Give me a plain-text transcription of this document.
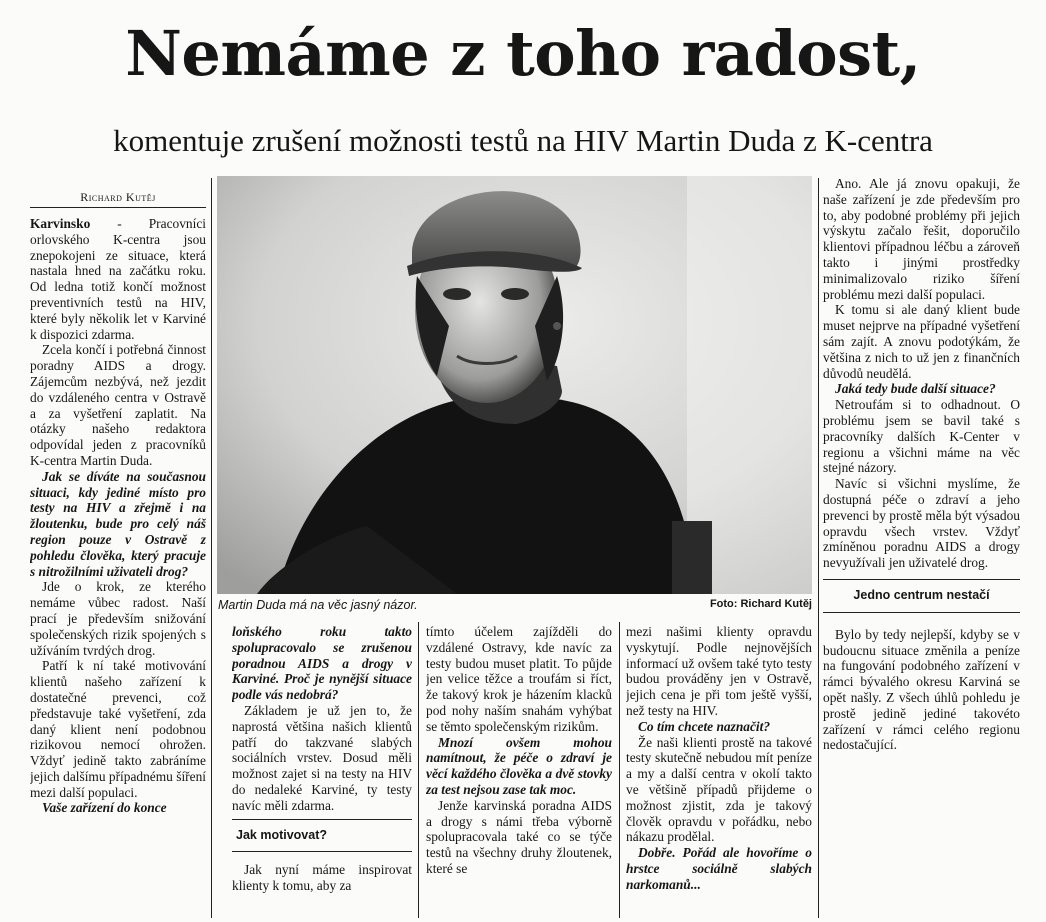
Nemáme z toho radost,
komentuje zrušení možnosti testů na HIV Martin Duda z K-centra
Richard Kutěj
Martin Duda má na věc jasný názor.	Foto: Richard Kutěj

Karvinsko - Pracovníci orlovského K-centra jsou znepokojeni ze situace, která nastala hned na začátku roku. Od ledna totiž končí možnost preventivních testů na HIV, které byly několik let v Karviné k dispozici zdarma.

Zcela končí i potřebná činnost poradny AIDS a drogy. Zájemcům nezbývá, než jezdit do vzdáleného centra v Ostravě a za vyšetření zaplatit. Na otázky našeho redaktora odpovídal jeden z pracovníků K-centra Martin Duda.

Jak se díváte na současnou situaci, kdy jediné místo pro testy na HIV a zřejmě i na žloutenku, bude pro celý náš region pouze v Ostravě z pohledu člověka, který pracuje s nitrožilními uživateli drog?

Jde o krok, ze kterého nemáme vůbec radost. Naší prací je především snižování společenských rizik spojených s užíváním tvrdých drog.

Patří k ní také motivování klientů našeho zařízení k dostatečné prevenci, což představuje také vyšetření, zda daný klient není podobnou rizikovou nemocí ohrožen. Vždyť jedině takto zabráníme jejich dalšímu případnému šíření mezi další populaci.

Vaše zařízení do konce

loňského roku takto spolupracovalo se zrušenou poradnou AIDS a drogy v Karviné. Proč je nynější situace podle vás nedobrá?

Základem je už jen to, že naprostá většina našich klientů patří do takzvané slabých sociálních vrstev. Dosud měli možnost zajet si na testy na HIV do nedaleké Karviné, ty testy navíc měli zdarma.

Jak motivovat?

Jak nyní máme inspirovat klienty k tomu, aby za

tímto účelem zajížděli do vzdálené Ostravy, kde navíc za testy budou muset platit. To půjde jen velice těžce a troufám si říct, že takový krok je házením klacků pod nohy naším snahám vyhýbat se těmto společenským rizikům.

Mnozí ovšem mohou namítnout, že péče o zdraví je věcí každého člověka a dvě stovky za test nejsou zase tak moc.

Jenže karvinská poradna AIDS a drogy s námi třeba výborně spolupracovala také co se týče testů na všechny druhy žloutenek, které se

mezi našimi klienty opravdu vyskytují. Podle nejnovějších informací už ovšem také tyto testy budou prováděny jen v Ostravě, jejich cena je při tom ještě vyšší, než testy na HIV.

Co tím chcete naznačit?

Že naši klienti prostě na takové testy skutečně nebudou mít peníze a my a další centra v okolí takto ve většině případů přijdeme o možnost zjistit, zda je takový člověk opravdu v pořádku, nebo nákazu prodělal.

Dobře. Pořád ale hovoříme o hrstce sociálně slabých narkomanů...

Ano. Ale já znovu opakuji, že naše zařízení je zde především pro to, aby podobné problémy při jejich výskytu začalo řešit, doporučilo klientovi případnou léčbu a zároveň takto i jinými prostředky minimalizovalo riziko šíření problému mezi další populaci.

K tomu si ale daný klient bude muset nejprve na případné vyšetření sám zajít. A znovu podotýkám, že většina z nich to už jen z finančních důvodů neudělá.

Jaká tedy bude další situace?

Netroufám si to odhadnout. O problému jsem se bavil také s pracovníky dalších K-Center v regionu a všichni máme na věc stejné názory.

Navíc si všichni myslíme, že dostupná péče o zdraví a jeho prevenci by prostě měla být výsadou opravdu všech vrstev. Vždyť zmíněnou poradnu AIDS a drogy nevyužívali jen uživatelé drog.

Jedno centrum nestačí

Bylo by tedy nejlepší, kdyby se v budoucnu situace změnila a peníze na fungování podobného zařízení v rámci bývalého okresu Karviná se opět našly. Z všech úhlů pohledu je prostě jedině jediné takovéto zařízení v rámci celého regionu nedostačující.
